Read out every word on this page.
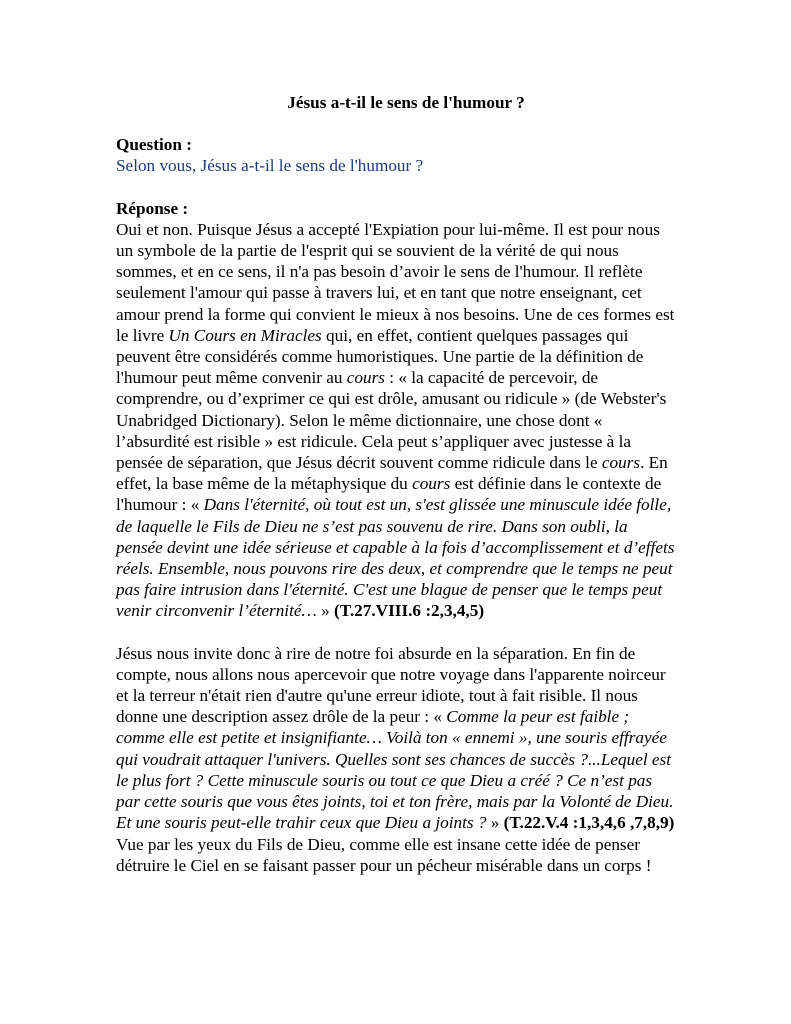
Jésus a-t-il le sens de l'humour ?

Question :

Selon vous, Jésus a-t-il le sens de l'humour ?

Réponse :

Oui et non. Puisque Jésus a accepté l'Expiation pour lui-même. Il est pour nous un symbole de la partie de l'esprit qui se souvient de la vérité de qui nous sommes, et en ce sens, il n'a pas besoin d’avoir le sens de l'humour. Il reflète seulement l'amour qui passe à travers lui, et en tant que notre enseignant, cet amour prend la forme qui convient le mieux à nos besoins. Une de ces formes est le livre Un Cours en Miracles qui, en effet, contient quelques passages qui peuvent être considérés comme humoristiques. Une partie de la définition de l'humour peut même convenir au cours : « la capacité de percevoir, de comprendre, ou d’exprimer ce qui est drôle, amusant ou ridicule » (de Webster's Unabridged Dictionary). Selon le même dictionnaire, une chose dont « l’absurdité est risible » est ridicule. Cela peut s’appliquer avec justesse à la pensée de séparation, que Jésus décrit souvent comme ridicule dans le cours. En effet, la base même de la métaphysique du cours est définie dans le contexte de l'humour : « Dans l'éternité, où tout est un, s'est glissée une minuscule idée folle, de laquelle le Fils de Dieu ne s’est pas souvenu de rire. Dans son oubli, la pensée devint une idée sérieuse et capable à la fois d’accomplissement et d’effets réels. Ensemble, nous pouvons rire des deux, et comprendre que le temps ne peut pas faire intrusion dans l'éternité. C'est une blague de penser que le temps peut venir circonvenir l’éternité… » (T.27.VIII.6 :2,3,4,5)

Jésus nous invite donc à rire de notre foi absurde en la séparation. En fin de compte, nous allons nous apercevoir que notre voyage dans l'apparente noirceur et la terreur n'était rien d'autre qu'une erreur idiote, tout à fait risible. Il nous donne une description assez drôle de la peur : « Comme la peur est faible ; comme elle est petite et insignifiante… Voilà ton « ennemi », une souris effrayée qui voudrait attaquer l'univers. Quelles sont ses chances de succès ?...Lequel est le plus fort ? Cette minuscule souris ou tout ce que Dieu a créé ? Ce n’est pas par cette souris que vous êtes joints, toi et ton frère, mais par la Volonté de Dieu. Et une souris peut-elle trahir ceux que Dieu a joints ? » (T.22.V.4 :1,3,4,6 ,7,8,9) Vue par les yeux du Fils de Dieu, comme elle est insane cette idée de penser détruire le Ciel en se faisant passer pour un pécheur misérable dans un corps !
